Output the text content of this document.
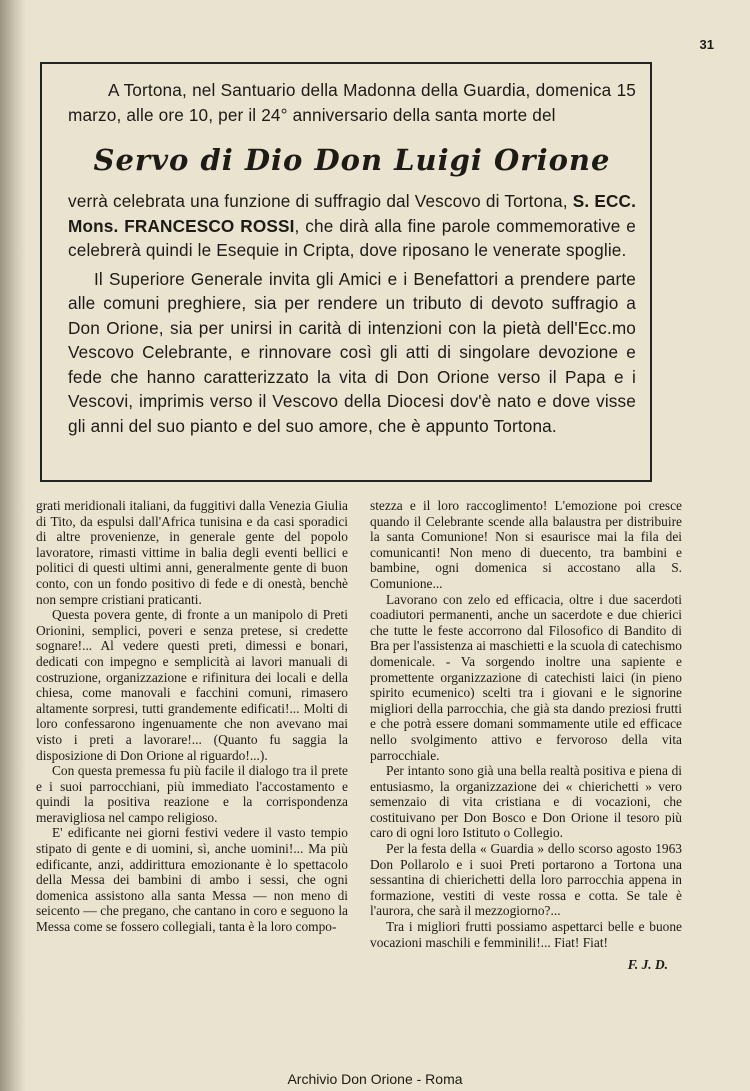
31

A Tortona, nel Santuario della Madonna della Guardia, domenica 15 marzo, alle ore 10, per il 24° anniversario della santa morte del

Servo di Dio Don Luigi Orione

verrà celebrata una funzione di suffragio dal Vescovo di Tortona, S. ECC. Mons. FRANCESCO ROSSI, che dirà alla fine parole commemorative e celebrerà quindi le Esequie in Cripta, dove riposano le venerate spoglie.

Il Superiore Generale invita gli Amici e i Benefattori a prendere parte alle comuni preghiere, sia per rendere un tributo di devoto suffragio a Don Orione, sia per unirsi in carità di intenzioni con la pietà dell'Ecc.mo Vescovo Celebrante, e rinnovare così gli atti di singolare devozione e fede che hanno caratterizzato la vita di Don Orione verso il Papa e i Vescovi, imprimis verso il Vescovo della Diocesi dov'è nato e dove visse gli anni del suo pianto e del suo amore, che è appunto Tortona.

grati meridionali italiani, da fuggitivi dalla Venezia Giulia di Tito, da espulsi dall'Africa tunisina e da casi sporadici di altre provenienze, in generale gente del popolo lavoratore, rimasti vittime in balia degli eventi bellici e politici di questi ultimi anni, generalmente gente di buon conto, con un fondo positivo di fede e di onestà, benchè non sempre cristiani praticanti.

Questa povera gente, di fronte a un manipolo di Preti Orionini, semplici, poveri e senza pretese, si credette sognare!... Al vedere questi preti, dimessi e bonari, dedicati con impegno e semplicità ai lavori manuali di costruzione, organizzazione e rifinitura dei locali e della chiesa, come manovali e facchini comuni, rimasero altamente sorpresi, tutti grandemente edificati!... Molti di loro confessarono ingenuamente che non avevano mai visto i preti a lavorare!... (Quanto fu saggia la disposizione di Don Orione al riguardo!...).

Con questa premessa fu più facile il dialogo tra il prete e i suoi parrocchiani, più immediato l'accostamento e quindi la positiva reazione e la corrispondenza meravigliosa nel campo religioso.

E' edificante nei giorni festivi vedere il vasto tempio stipato di gente e di uomini, sì, anche uomini!... Ma più edificante, anzi, addirittura emozionante è lo spettacolo della Messa dei bambini di ambo i sessi, che ogni domenica assistono alla santa Messa — non meno di seicento — che pregano, che cantano in coro e seguono la Messa come se fossero collegiali, tanta è la loro compo-

stezza e il loro raccoglimento! L'emozione poi cresce quando il Celebrante scende alla balaustra per distribuire la santa Comunione! Non si esaurisce mai la fila dei comunicanti! Non meno di duecento, tra bambini e bambine, ogni domenica si accostano alla S. Comunione...

Lavorano con zelo ed efficacia, oltre i due sacerdoti coadiutori permanenti, anche un sacerdote e due chierici che tutte le feste accorrono dal Filosofico di Bandito di Bra per l'assistenza ai maschietti e la scuola di catechismo domenicale. - Va sorgendo inoltre una sapiente e promettente organizzazione di catechisti laici (in pieno spirito ecumenico) scelti tra i giovani e le signorine migliori della parrocchia, che già sta dando preziosi frutti e che potrà essere domani sommamente utile ed efficace nello svolgimento attivo e fervoroso della vita parrocchiale.

Per intanto sono già una bella realtà positiva e piena di entusiasmo, la organizzazione dei « chierichetti » vero semenzaio di vita cristiana e di vocazioni, che costituivano per Don Bosco e Don Orione il tesoro più caro di ogni loro Istituto o Collegio.

Per la festa della « Guardia » dello scorso agosto 1963 Don Pollarolo e i suoi Preti portarono a Tortona una sessantina di chierichetti della loro parrocchia appena in formazione, vestiti di veste rossa e cotta. Se tale è l'aurora, che sarà il mezzogiorno?...

Tra i migliori frutti possiamo aspettarci belle e buone vocazioni maschili e femminili!... Fiat! Fiat!

F. J. D.
Archivio Don Orione - Roma
